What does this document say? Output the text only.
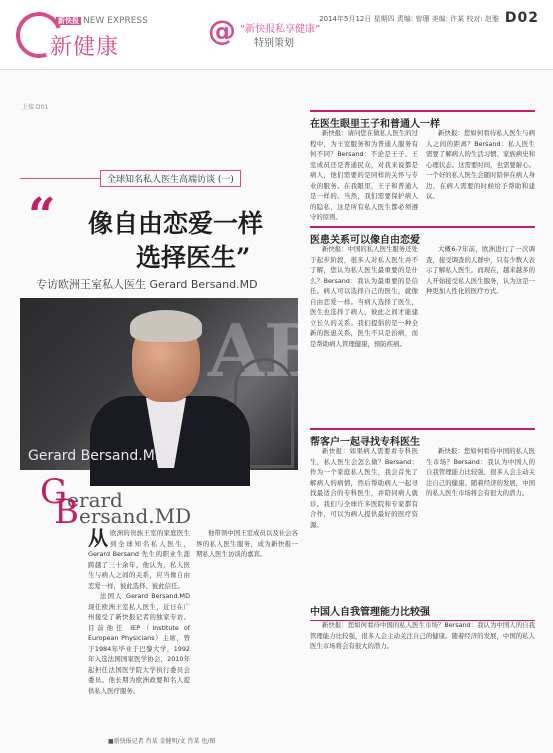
新快报 NEW EXPRESS
新健康
@ “新快报私享健康”
特别策划
2014年5月12日 星期四 责编: 曾珊 美编: 许某 校对: 赵雅 D02
上接 D01
全球知名私人医生高端访谈 (一)
“ 像自由恋爱一样
选择医生”
专访欧洲王室私人医生 Gerard Bersand.MD
AB
Gerard Bersand.MD
Gerard
Bersand.MD

从欧洲的贵族王室的家庭医生到全球知名私人医生，Gerard Bersand 先生的职业生涯跨越了三十余年。他认为，私人医生与病人之间的关系，应当像自由恋爱一样，彼此选择、彼此信任。

法国人 Gerard Bersand.MD 现任欧洲王室私人医生，近日在广州接受了新快报记者的独家专访。目前他任 IEP（Institute of European Physicians）主席，曾于1984年毕业于巴黎大学，1992年入选法国国家医学协会，2010年起担任法国医学院大学执行委员会委员。他长期为欧洲政要和名人提供私人医疗服务。

他带领中国王室成员以及社会各界的私人医生服务，成为新快报一期私人医生访谈的嘉宾。

■新快报记者 肖某 金健明/文 肖某 也/图
在医生眼里王子和普通人一样

新快报：请问您在做私人医生的过程中，为王室服务和为普通人服务有何不同？Bersand：不论是王子、王室成员还是普通民众，对我来说都是病人，他们需要的是同样的关怀与专业的服务。在我眼里，王子和普通人是一样的。当然，我们需要保护病人的隐私，这是所有私人医生都必须遵守的原则。

新快报：您如何看待私人医生与病人之间的距离？Bersand：私人医生需要了解病人的生活习惯、家族病史和心理状态。这需要时间，也需要耐心。一个好的私人医生会随时陪伴在病人身边，在病人需要的时候给予帮助和建议。

医患关系可以像自由恋爱

新快报：中国的私人医生服务还处于起步阶段，很多人对私人医生并不了解，您认为私人医生最重要的是什么？Bersand：我认为最重要的是信任。病人可以选择自己的医生，就像自由恋爱一样。当病人选择了医生，医生也选择了病人，彼此之间才能建立长久的关系。我们提倡的是一种全新的医患关系，医生不只是治病，而是帮助病人管理健康，预防疾病。

大概6-7年前，欧洲进行了一次调查，接受调查的人群中，只有少数人表示了解私人医生。而现在，越来越多的人开始接受私人医生服务，认为这是一种更加人性化的医疗方式。

帮客户一起寻找专科医生

新快报：如果病人需要看专科医生，私人医生会怎么做？Bersand：作为一个家庭私人医生，我会首先了解病人的病情，然后帮助病人一起寻找最适合的专科医生，并陪同病人就诊。我们与全球许多医院和专家都有合作，可以为病人提供最好的医疗资源。

新快报：您如何看待中国的私人医生市场？Bersand：我认为中国人的自我管理能力比较强，很多人会主动关注自己的健康。随着经济的发展，中国的私人医生市场将会有很大的潜力。

中国人自我管理能力比较强

新快报：您如何看待中国的私人医生市场？Bersand：我认为中国人的自我管理能力比较强，很多人会主动关注自己的健康。随着经济的发展，中国的私人医生市场将会有很大的潜力。
